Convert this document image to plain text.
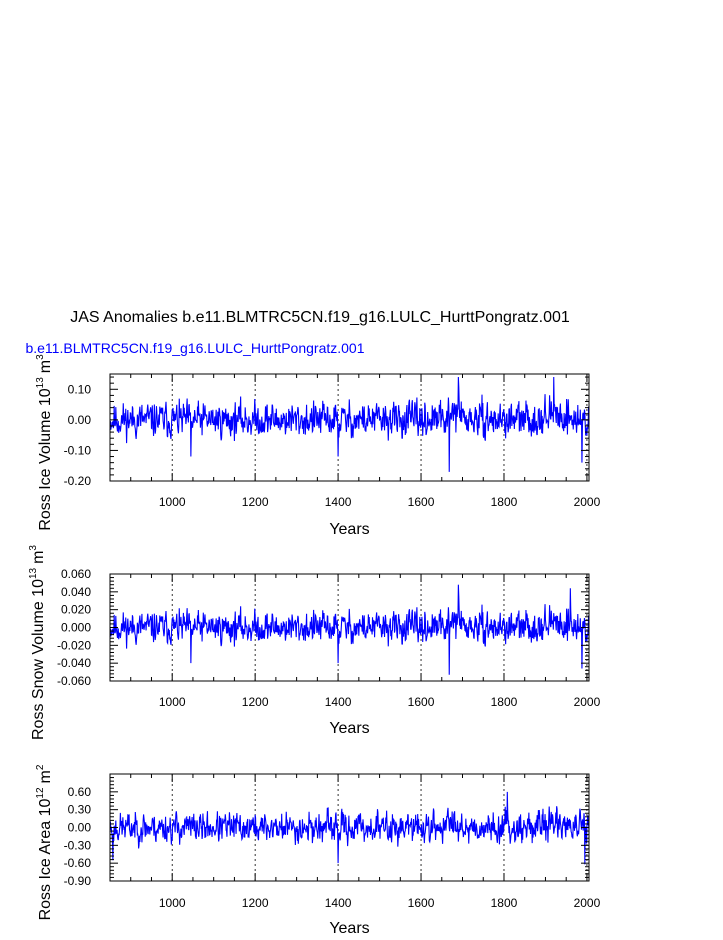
JAS Anomalies b.e11.BLMTRC5CN.f19_g16.LULC_HurttPongratz.001
b.e11.BLMTRC5CN.f19_g16.LULC_HurttPongratz.001
-0.20
-0.10
0.00
0.10
1000	1200	1400	1600	1800	2000
Years
Ross Ice Volume $10^{13}m^3$
-0.060
-0.040
-0.020
0.000
0.020
0.040
0.060
1000	1200	1400	1600	1800	2000
Years
Ross Snow Volume $10^{13}m^3$
-0.90
-0.60
-0.30
0.00
0.30
0.60
1000	1200	1400	1600	1800	2000
Years
Ross Ice Area $10^{12}m^2$
